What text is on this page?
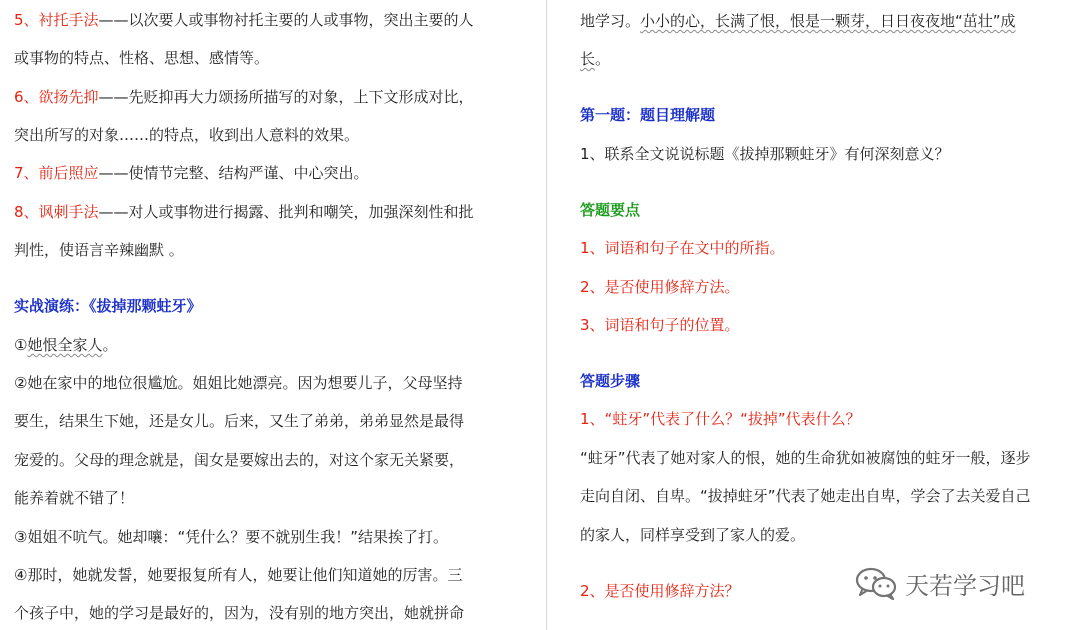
5、衬托手法——以次要人或事物衬托主要的人或事物，突出主要的人
或事物的特点、性格、思想、感情等。
6、欲扬先抑——先贬抑再大力颂扬所描写的对象，上下文形成对比，
突出所写的对象……的特点，收到出人意料的效果。
7、前后照应——使情节完整、结构严谨、中心突出。
8、讽刺手法——对人或事物进行揭露、批判和嘲笑，加强深刻性和批
判性，使语言辛辣幽默 。
实战演练：《拔掉那颗蛀牙》
①她恨全家人。
②她在家中的地位很尴尬。姐姐比她漂亮。因为想要儿子，父母坚持
要生，结果生下她，还是女儿。后来，又生了弟弟，弟弟显然是最得
宠爱的。父母的理念就是，闺女是要嫁出去的，对这个家无关紧要，
能养着就不错了！
③姐姐不吭气。她却嚷：“凭什么？要不就别生我！”结果挨了打。
④那时，她就发誓，她要报复所有人，她要让他们知道她的厉害。三
个孩子中，她的学习是最好的，因为，没有别的地方突出，她就拼命
地学习。小小的心，长满了恨，恨是一颗芽，日日夜夜地“茁壮”成
长。
第一题：题目理解题
1、联系全文说说标题《拔掉那颗蛀牙》有何深刻意义？
答题要点
1、词语和句子在文中的所指。
2、是否使用修辞方法。
3、词语和句子的位置。
答题步骤
1、“蛀牙”代表了什么？“拔掉”代表什么？
“蛀牙”代表了她对家人的恨，她的生命犹如被腐蚀的蛀牙一般，逐步
走向自闭、自卑。“拔掉蛀牙”代表了她走出自卑，学会了去关爱自己
的家人，同样享受到了家人的爱。
2、是否使用修辞方法？	天若学习吧
